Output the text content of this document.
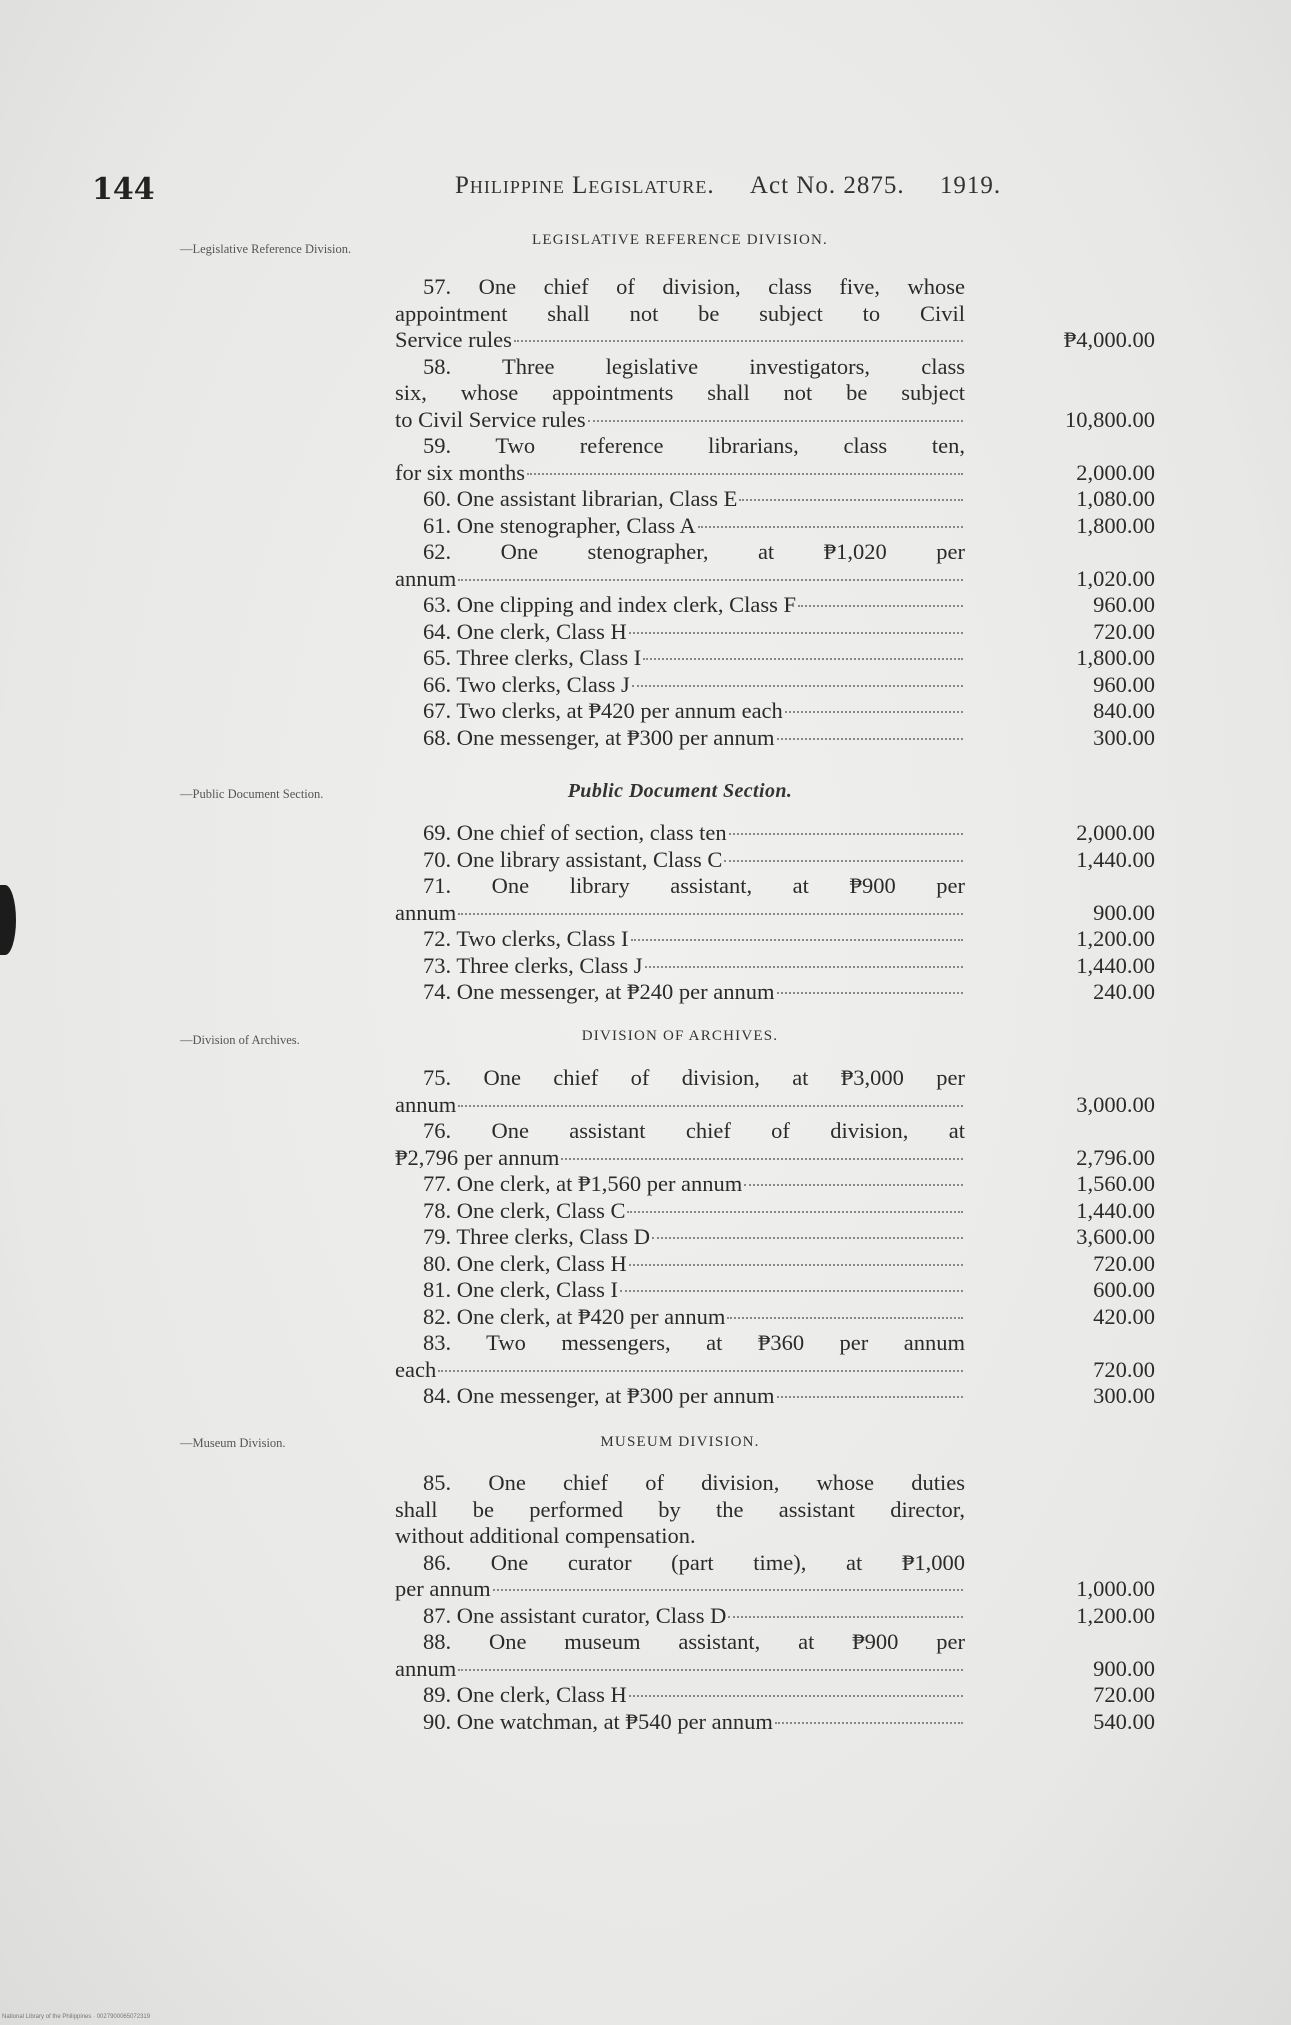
144	Philippine Legislature. Act No. 2875. 1919.
—Legislative Reference Division.
LEGISLATIVE REFERENCE DIVISION.
57. One chief of division, class five, whose
appointment shall not be subject to Civil
Service rules	₱4,000.00
58. Three legislative investigators, class
six, whose appointments shall not be subject
to Civil Service rules	10,800.00
59. Two reference librarians, class ten,
for six months	2,000.00
60. One assistant librarian, Class E	1,080.00
61. One stenographer, Class A	1,800.00
62. One stenographer, at ₱1,020 per
annum	1,020.00
63. One clipping and index clerk, Class F	960.00
64. One clerk, Class H	720.00
65. Three clerks, Class I	1,800.00
66. Two clerks, Class J	960.00
67. Two clerks, at ₱420 per annum each	840.00
68. One messenger, at ₱300 per annum	300.00
—Public Document Section.	Public Document Section.
69. One chief of section, class ten	2,000.00
70. One library assistant, Class C	1,440.00
71. One library assistant, at ₱900 per
annum	900.00
72. Two clerks, Class I	1,200.00
73. Three clerks, Class J	1,440.00
74. One messenger, at ₱240 per annum	240.00
—Division of Archives.	DIVISION OF ARCHIVES.
75. One chief of division, at ₱3,000 per
annum	3,000.00
76. One assistant chief of division, at
₱2,796 per annum	2,796.00
77. One clerk, at ₱1,560 per annum	1,560.00
78. One clerk, Class C	1,440.00
79. Three clerks, Class D	3,600.00
80. One clerk, Class H	720.00
81. One clerk, Class I	600.00
82. One clerk, at ₱420 per annum	420.00
83. Two messengers, at ₱360 per annum
each	720.00
84. One messenger, at ₱300 per annum	300.00
—Museum Division.	MUSEUM DIVISION.
85. One chief of division, whose duties
shall be performed by the assistant director,
without additional compensation.
86. One curator (part time), at ₱1,000
per annum	1,000.00
87. One assistant curator, Class D	1,200.00
88. One museum assistant, at ₱900 per
annum	900.00
89. One clerk, Class H	720.00
90. One watchman, at ₱540 per annum	540.00
National Library of the Philippines · 0027900065072319
